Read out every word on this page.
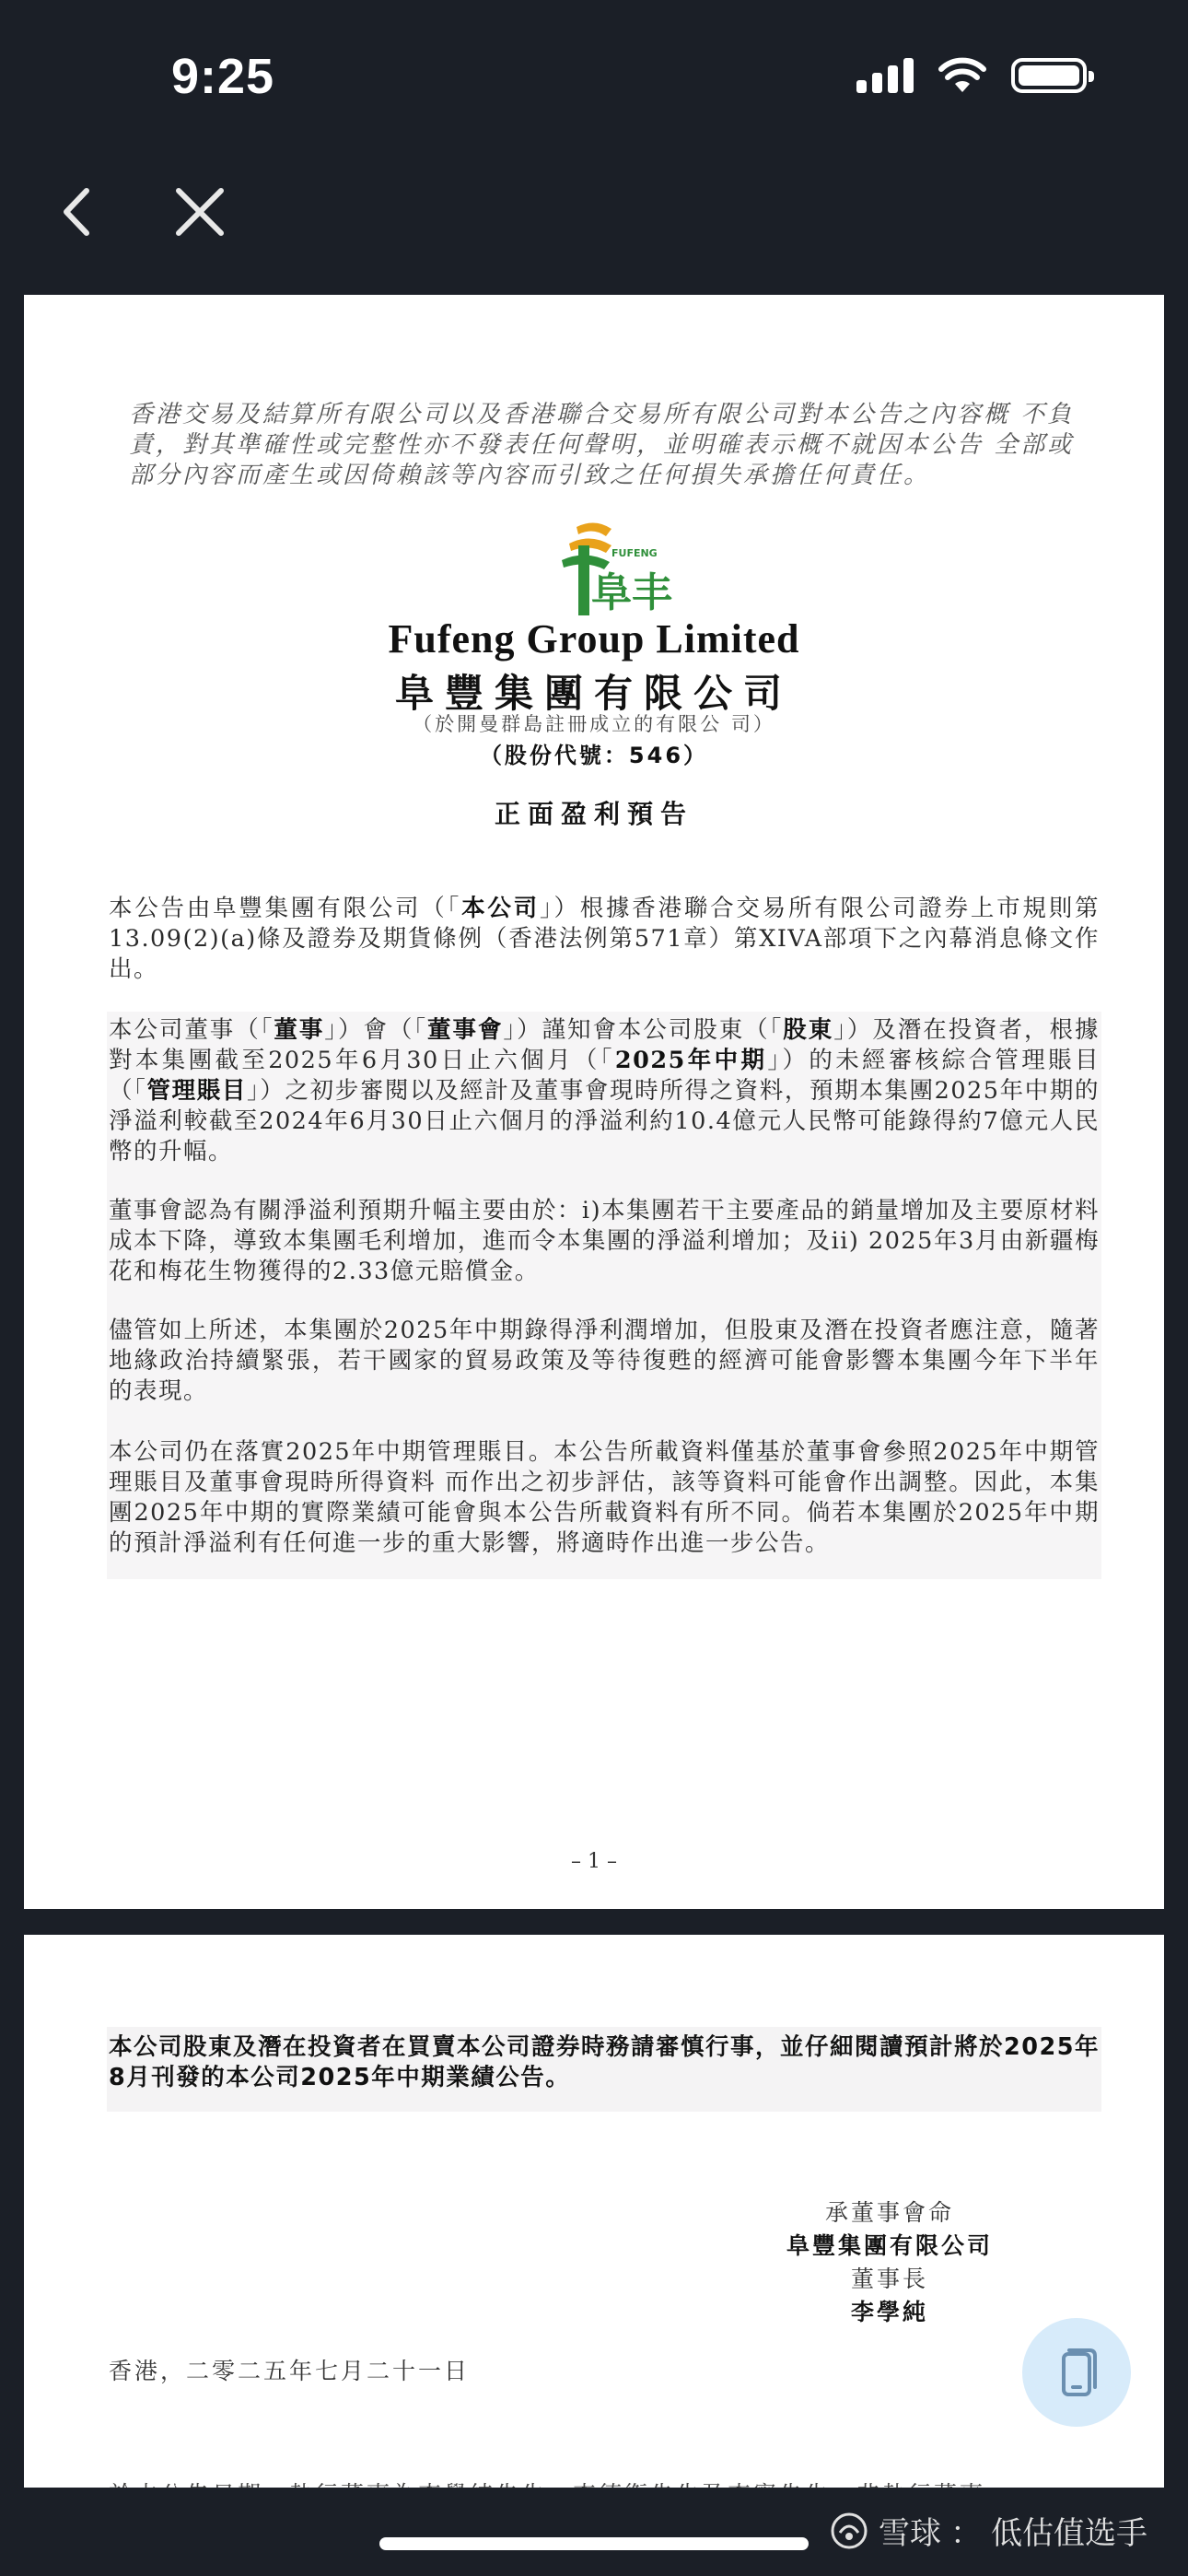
9:25
香港交易及結算所有限公司以及香港聯合交易所有限公司對本公告之內容概 不負責，對其準確性或完整性亦不發表任何聲明，並明確表示概不就因本公告 全部或部分內容而產生或因倚賴該等內容而引致之任何損失承擔任何責任。
FUFENG
阜丰
Fufeng Group Limited
阜豐集團有限公司
（於開曼群島註冊成立的有限公 司）
（股份代號：546）
正面盈利預告
本公告由阜豐集團有限公司（「本公司」）根據香港聯合交易所有限公司證券上市規則第13.09(2)(a)條及證券及期貨條例（香港法例第571章）第XIVA部項下之內幕消息條文作出。
本公司董事（「董事」）會（「董事會」）謹知會本公司股東（「股東」）及潛在投資者，根據對本集團截至2025年6月30日止六個月（「2025年中期」）的未經審核綜合管理賬目（「管理賬目」）之初步審閱以及經計及董事會現時所得之資料，預期本集團2025年中期的淨溢利較截至2024年6月30日止六個月的淨溢利約10.4億元人民幣可能錄得約7億元人民幣的升幅。
董事會認為有關淨溢利預期升幅主要由於：i)本集團若干主要產品的銷量增加及主要原材料成本下降，導致本集團毛利增加，進而令本集團的淨溢利增加；及ii) 2025年3月由新疆梅花和梅花生物獲得的2.33億元賠償金。
儘管如上所述，本集團於2025年中期錄得淨利潤增加，但股東及潛在投資者應注意，隨著地緣政治持續緊張，若干國家的貿易政策及等待復甦的經濟可能會影響本集團今年下半年的表現。
本公司仍在落實2025年中期管理賬目。本公告所載資料僅基於董事會參照2025年中期管理賬目及董事會現時所得資料 而作出之初步評估，該等資料可能會作出調整。因此，本集團2025年中期的實際業績可能會與本公告所載資料有所不同。倘若本集團於2025年中期的預計淨溢利有任何進一步的重大影響，將適時作出進一步公告。
– 1 –
本公司股東及潛在投資者在買賣本公司證券時務請審慎行事，並仔細閱讀預計將於2025年8月刊發的本公司2025年中期業績公告。
承董事會命
阜豐集團有限公司
董事長
李學純
香港，二零二五年七月二十一日
雪球 ： 低估值选手
